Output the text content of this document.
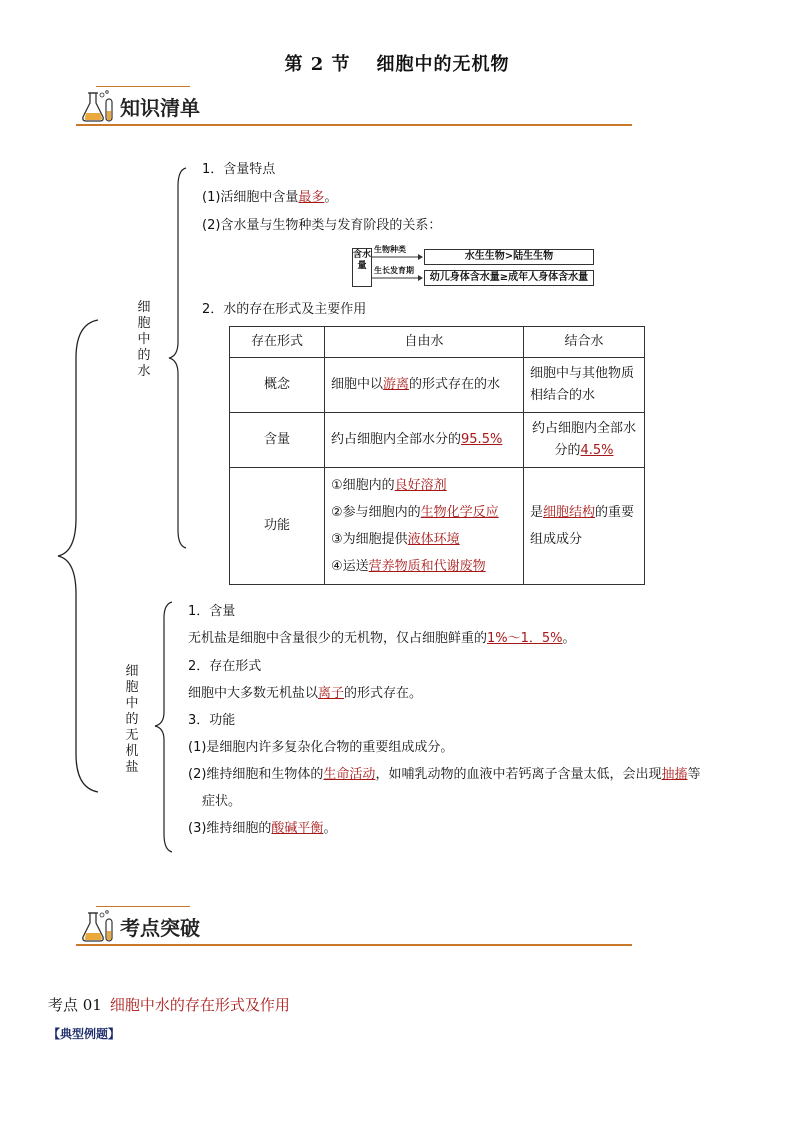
第 2 节 细胞中的无机物
知识清单
细胞中的水
1．含量特点
(1)活细胞中含量最多。
(2)含水量与生物种类与发育阶段的关系：
含水量
生物种类
生长发育期
水生生物>陆生生物
幼儿身体含水量≥成年人身体含水量
2．水的存在形式及主要作用
存在形式	自由水	结合水
概念	细胞中以游离的形式存在的水	细胞中与其他物质相结合的水
含量	约占细胞内全部水分的95.5%	约占细胞内全部水分的4.5%
功能	①细胞内的良好溶剂
②参与细胞内的生物化学反应
③为细胞提供液体环境
④运送营养物质和代谢废物	是细胞结构的重要组成成分
细胞中的无机盐
1．含量
无机盐是细胞中含量很少的无机物，仅占细胞鲜重的1%～1．5%。
2．存在形式
细胞中大多数无机盐以离子的形式存在。
3．功能
(1)是细胞内许多复杂化合物的重要组成成分。
(2)维持细胞和生物体的生命活动，如哺乳动物的血液中若钙离子含量太低，会出现抽搐等
症状。
(3)维持细胞的酸碱平衡。
考点突破
考点 01 细胞中水的存在形式及作用
【典型例题】
